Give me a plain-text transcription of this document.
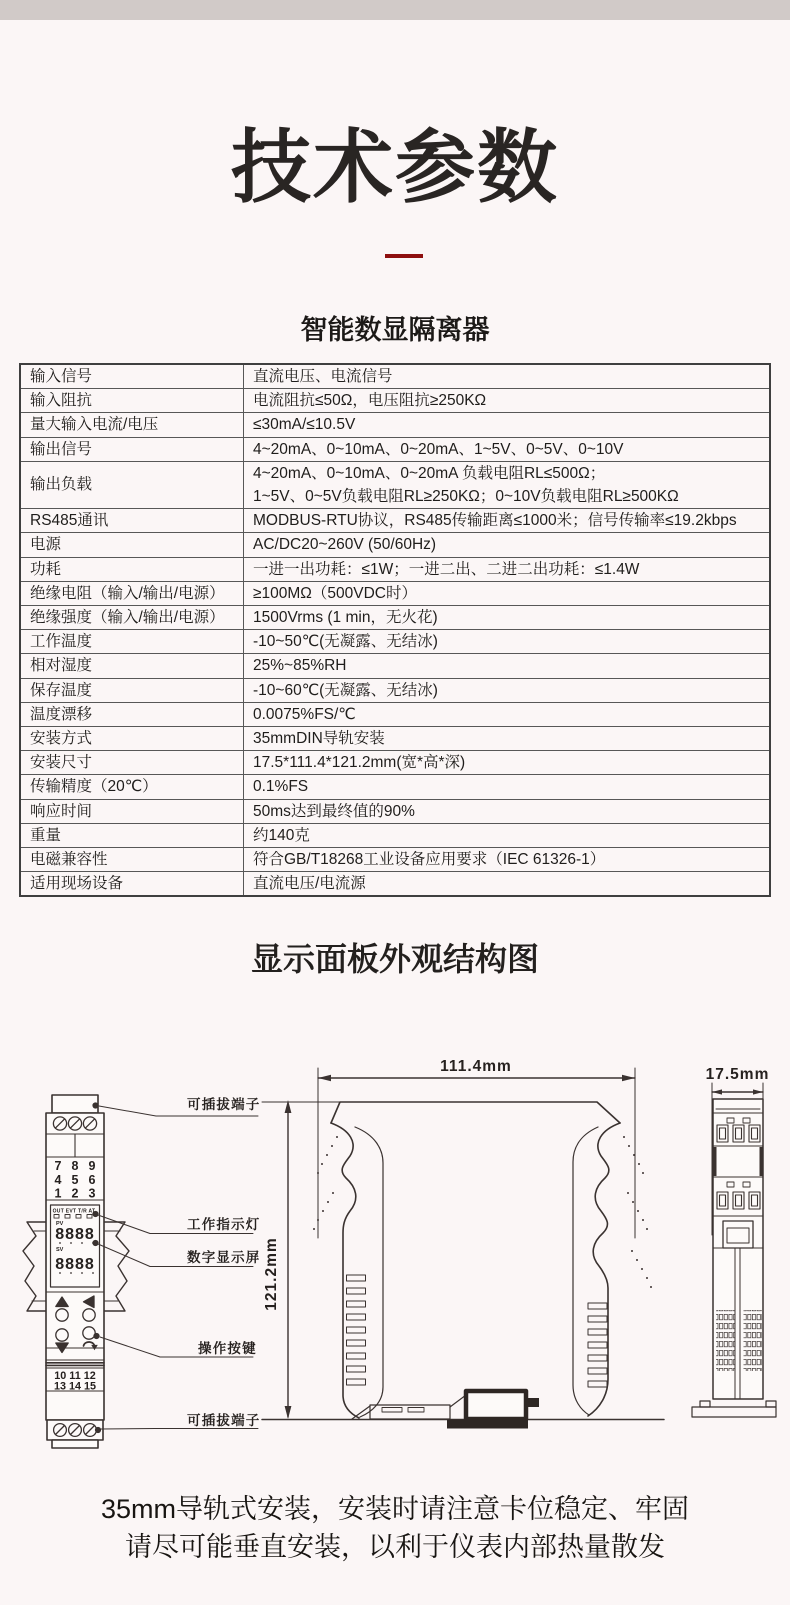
技术参数
智能数显隔离器
输入信号	直流电压、电流信号
输入阻抗	电流阻抗≤50Ω，电压阻抗≥250KΩ
量大输入电流/电压	≤30mA/≤10.5V
输出信号	4~20mA、0~10mA、0~20mA、1~5V、0~5V、0~10V
输出负载	4~20mA、0~10mA、0~20mA 负载电阻RL≤500Ω；
1~5V、0~5V负载电阻RL≥250KΩ；0~10V负载电阻RL≥500KΩ

RS485通讯	MODBUS-RTU协议，RS485传输距离≤1000米；信号传输率≤19.2kbps
电源	AC/DC20~260V (50/60Hz)
功耗	一进一出功耗：≤1W；一进二出、二进二出功耗：≤1.4W
绝缘电阻（输入/输出/电源）	≥100MΩ（500VDC时）
绝缘强度（输入/输出/电源）	1500Vrms (1 min，无火花)
工作温度	-10~50℃(无凝露、无结冰)
相对湿度	25%~85%RH
保存温度	-10~60℃(无凝露、无结冰)
温度漂移	0.0075%FS/℃
安装方式	35mmDIN导轨安装
安装尺寸	17.5*111.4*121.2mm(宽*高*深)
传输精度（20℃）	0.1%FS
响应时间	50ms达到最终值的90%
重量	约140克
电磁兼容性	符合GB/T18268工业设备应用要求（IEC 61326-1）
适用现场设备	直流电压/电流源
显示面板外观结构图
可插拔端子
工作指示灯
数字显示屏
操作按键
可插拔端子
111.4mm
121.2mm
17.5mm
7 8 9
4 5 6
1 2 3
OUT EVT T/R AT
PV
8888
SV
8888
10 11 12
13 14 15
35mm导轨式安装，安装时请注意卡位稳定、牢固
请尽可能垂直安装，以利于仪表内部热量散发
